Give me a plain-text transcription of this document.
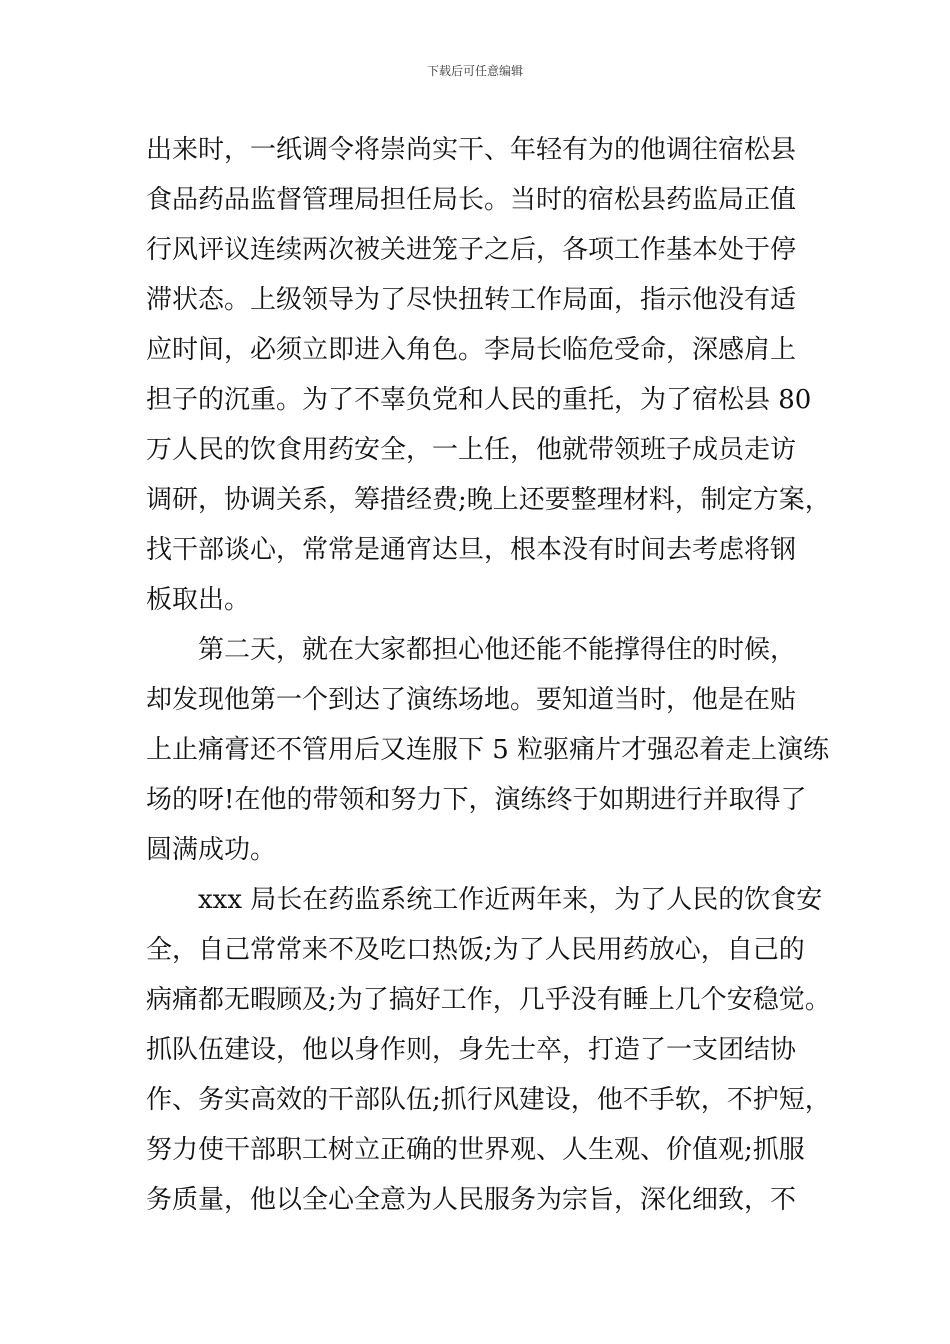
下载后可任意编辑
出来时，一纸调令将崇尚实干、年轻有为的他调往宿松县
食品药品监督管理局担任局长。当时的宿松县药监局正值
行风评议连续两次被关进笼子之后，各项工作基本处于停
滞状态。上级领导为了尽快扭转工作局面，指示他没有适
应时间，必须立即进入角色。李局长临危受命，深感肩上
担子的沉重。为了不辜负党和人民的重托，为了宿松县 80
万人民的饮食用药安全，一上任，他就带领班子成员走访
调研，协调关系，筹措经费;晚上还要整理材料，制定方案，
找干部谈心，常常是通宵达旦，根本没有时间去考虑将钢
板取出。
第二天，就在大家都担心他还能不能撑得住的时候，
却发现他第一个到达了演练场地。要知道当时，他是在贴
上止痛膏还不管用后又连服下 5 粒驱痛片才强忍着走上演练
场的呀!在他的带领和努力下，演练终于如期进行并取得了
圆满成功。
xxx 局长在药监系统工作近两年来，为了人民的饮食安
全，自己常常来不及吃口热饭;为了人民用药放心，自己的
病痛都无暇顾及;为了搞好工作，几乎没有睡上几个安稳觉。
抓队伍建设，他以身作则，身先士卒，打造了一支团结协
作、务实高效的干部队伍;抓行风建设，他不手软，不护短，
努力使干部职工树立正确的世界观、人生观、价值观;抓服
务质量，他以全心全意为人民服务为宗旨，深化细致，不
